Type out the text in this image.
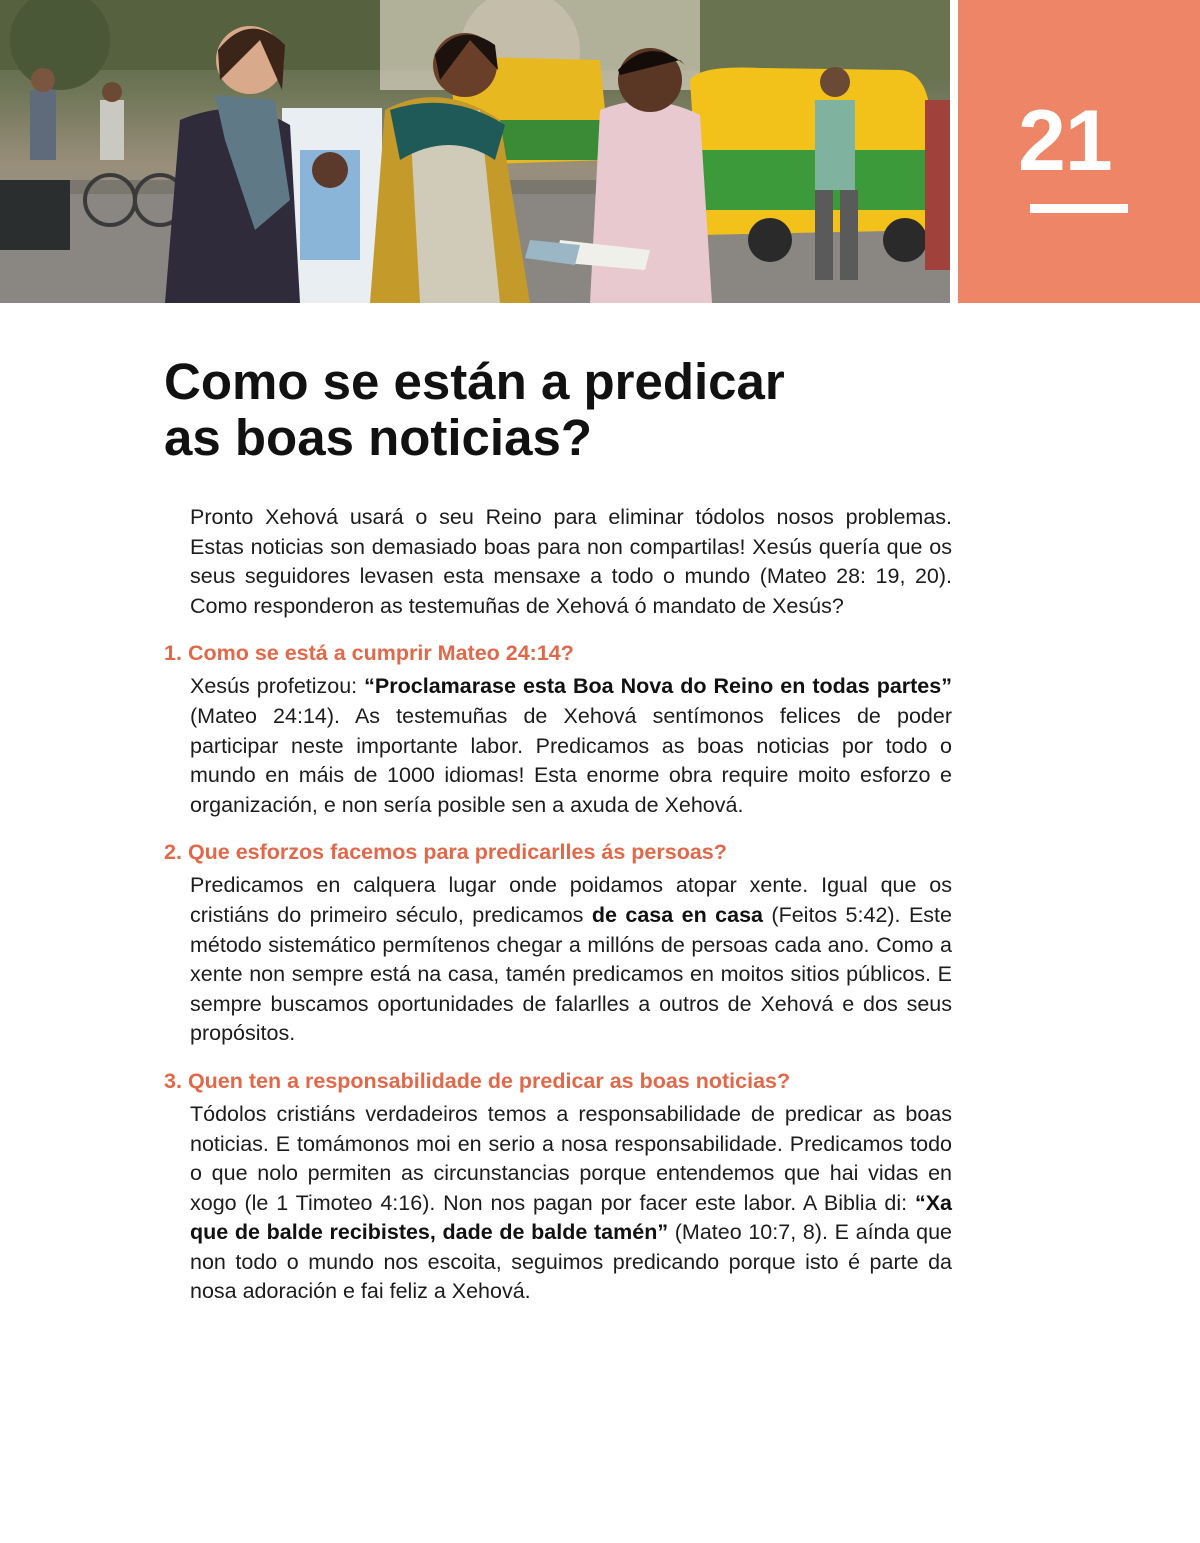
21
Como se están a predicar
as boas noticias?

Pronto Xehová usará o seu Reino para eliminar tódolos nosos problemas. Estas noticias son demasiado boas para non compartilas! Xesús quería que os seus seguidores levasen esta mensaxe a todo o mundo (Mateo 28: 19, 20). Como responderon as testemuñas de Xehová ó mandato de Xesús?

1. Como se está a cumprir Mateo 24:14?

Xesús profetizou: “Proclamarase esta Boa Nova do Reino en todas partes” (Mateo 24:14). As testemuñas de Xehová sentímonos felices de poder participar neste importante labor. Predicamos as boas noticias por todo o mundo en máis de 1000 idiomas! Esta enorme obra require moito esforzo e organización, e non sería posible sen a axuda de Xehová.

2. Que esforzos facemos para predicarlles ás persoas?

Predicamos en calquera lugar onde poidamos atopar xente. Igual que os cristiáns do primeiro século, predicamos de casa en casa (Feitos 5:42). Este método sistemático permítenos chegar a millóns de persoas cada ano. Como a xente non sempre está na casa, tamén predicamos en moitos sitios públicos. E sempre buscamos oportunidades de falarlles a outros de Xehová e dos seus propósitos.

3. Quen ten a responsabilidade de predicar as boas noticias?

Tódolos cristiáns verdadeiros temos a responsabilidade de predicar as boas noticias. E tomámonos moi en serio a nosa responsabilidade. Predicamos todo o que nolo permiten as circunstancias porque entendemos que hai vidas en xogo (le 1 Timoteo 4:16). Non nos pagan por facer este labor. A Biblia di: “Xa que de balde recibistes, dade de balde tamén” (Mateo 10:7, 8). E aínda que non todo o mundo nos escoita, seguimos predicando porque isto é parte da nosa adoración e fai feliz a Xehová.
